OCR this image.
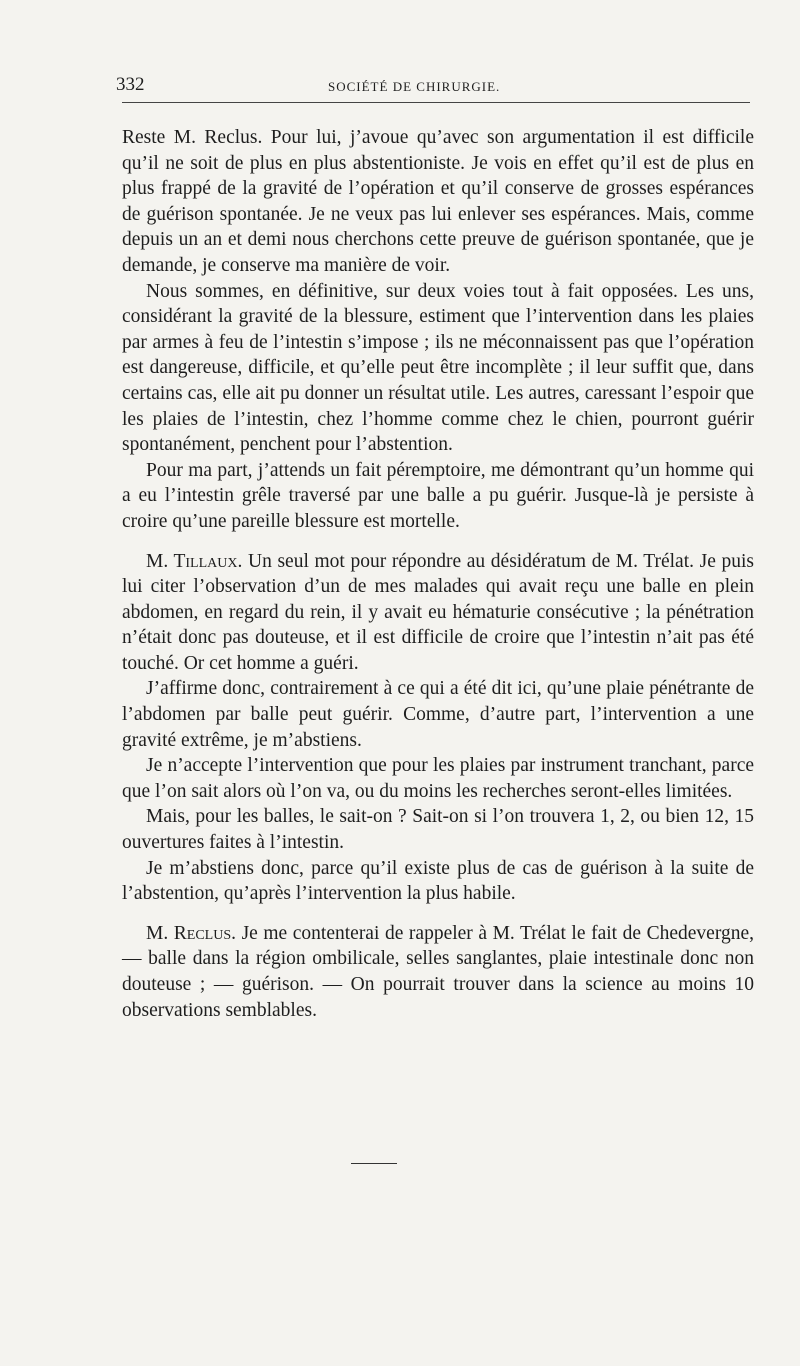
332	SOCIÉTÉ DE CHIRURGIE.

Reste M. Reclus. Pour lui, j’avoue qu’avec son argumentation il est difficile qu’il ne soit de plus en plus abstentioniste. Je vois en effet qu’il est de plus en plus frappé de la gravité de l’opération et qu’il conserve de grosses espérances de guérison spontanée. Je ne veux pas lui enlever ses espérances. Mais, comme depuis un an et demi nous cherchons cette preuve de guérison spontanée, que je demande, je conserve ma manière de voir.

Nous sommes, en définitive, sur deux voies tout à fait opposées. Les uns, considérant la gravité de la blessure, estiment que l’intervention dans les plaies par armes à feu de l’intestin s’impose ; ils ne méconnaissent pas que l’opération est dangereuse, difficile, et qu’elle peut être incomplète ; il leur suffit que, dans certains cas, elle ait pu donner un résultat utile. Les autres, caressant l’espoir que les plaies de l’intestin, chez l’homme comme chez le chien, pourront guérir spontanément, penchent pour l’abstention.

Pour ma part, j’attends un fait péremptoire, me démontrant qu’un homme qui a eu l’intestin grêle traversé par une balle a pu guérir. Jusque-là je persiste à croire qu’une pareille blessure est mortelle.

M. Tillaux. Un seul mot pour répondre au désidératum de M. Trélat. Je puis lui citer l’observation d’un de mes malades qui avait reçu une balle en plein abdomen, en regard du rein, il y avait eu hématurie consécutive ; la pénétration n’était donc pas douteuse, et il est difficile de croire que l’intestin n’ait pas été touché. Or cet homme a guéri.

J’affirme donc, contrairement à ce qui a été dit ici, qu’une plaie pénétrante de l’abdomen par balle peut guérir. Comme, d’autre part, l’intervention a une gravité extrême, je m’abstiens.

Je n’accepte l’intervention que pour les plaies par instrument tranchant, parce que l’on sait alors où l’on va, ou du moins les recherches seront-elles limitées.

Mais, pour les balles, le sait-on ? Sait-on si l’on trouvera 1, 2, ou bien 12, 15 ouvertures faites à l’intestin.

Je m’abstiens donc, parce qu’il existe plus de cas de guérison à la suite de l’abstention, qu’après l’intervention la plus habile.

M. Reclus. Je me contenterai de rappeler à M. Trélat le fait de Chedevergne, — balle dans la région ombilicale, selles sanglantes, plaie intestinale donc non douteuse ; — guérison. — On pourrait trouver dans la science au moins 10 observations semblables.
